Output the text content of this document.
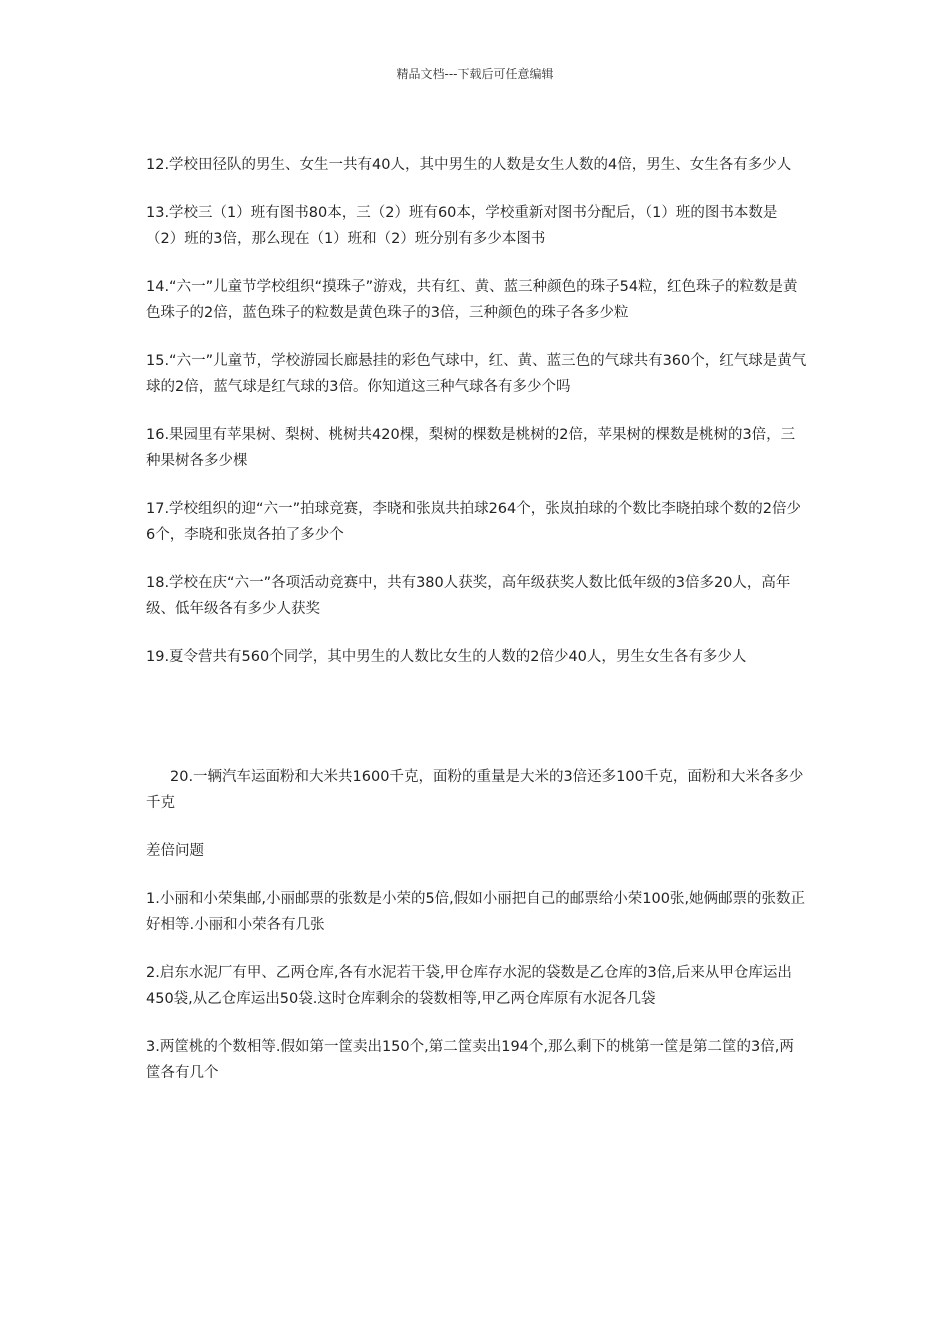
精品文档---下载后可任意编辑

12.学校田径队的男生、女生一共有40人，其中男生的人数是女生人数的4倍，男生、女生各有多少人

13.学校三（1）班有图书80本，三（2）班有60本，学校重新对图书分配后，（1）班的图书本数是（2）班的3倍，那么现在（1）班和（2）班分别有多少本图书

14.“六一”儿童节学校组织“摸珠子”游戏，共有红、黄、蓝三种颜色的珠子54粒，红色珠子的粒数是黄色珠子的2倍，蓝色珠子的粒数是黄色珠子的3倍，三种颜色的珠子各多少粒

15.“六一”儿童节，学校游园长廊悬挂的彩色气球中，红、黄、蓝三色的气球共有360个，红气球是黄气球的2倍，蓝气球是红气球的3倍。你知道这三种气球各有多少个吗

16.果园里有苹果树、梨树、桃树共420棵，梨树的棵数是桃树的2倍，苹果树的棵数是桃树的3倍，三种果树各多少棵

17.学校组织的迎“六一”拍球竞赛，李晓和张岚共拍球264个，张岚拍球的个数比李晓拍球个数的2倍少6个，李晓和张岚各拍了多少个

18.学校在庆“六一”各项活动竞赛中，共有380人获奖，高年级获奖人数比低年级的3倍多20人，高年级、低年级各有多少人获奖

19.夏令营共有560个同学，其中男生的人数比女生的人数的2倍少40人，男生女生各有多少人

20.一辆汽车运面粉和大米共1600千克，面粉的重量是大米的3倍还多100千克，面粉和大米各多少千克

差倍问题

1.小丽和小荣集邮,小丽邮票的张数是小荣的5倍,假如小丽把自己的邮票给小荣100张,她俩邮票的张数正好相等.小丽和小荣各有几张

2.启东水泥厂有甲、乙两仓库,各有水泥若干袋,甲仓库存水泥的袋数是乙仓库的3倍,后来从甲仓库运出450袋,从乙仓库运出50袋.这时仓库剩余的袋数相等,甲乙两仓库原有水泥各几袋

3.两筐桃的个数相等.假如第一筐卖出150个,第二筐卖出194个,那么剩下的桃第一筐是第二筐的3倍,两筐各有几个
